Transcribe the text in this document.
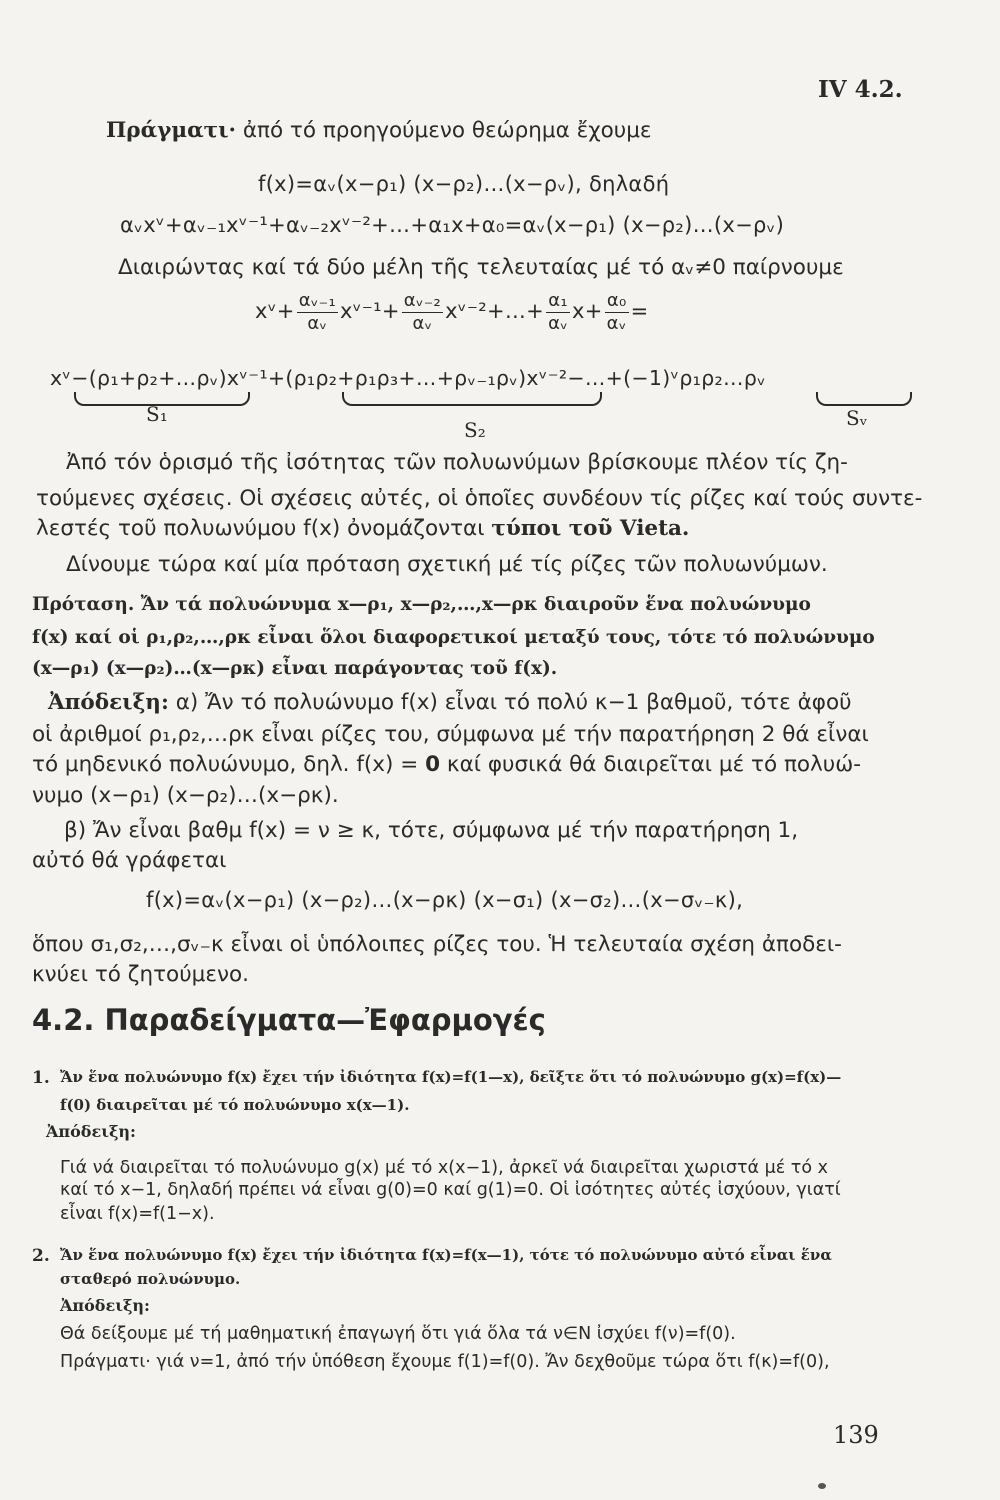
IV 4.2.
Πράγματι· ἀπό τό προηγούμενο θεώρημα ἔχουμε
f(x)=αᵥ(x−ρ₁) (x−ρ₂)…(x−ρᵥ), δηλαδή
αᵥxᵛ+αᵥ₋₁xᵛ⁻¹+αᵥ₋₂xᵛ⁻²+…+α₁x+α₀=αᵥ(x−ρ₁) (x−ρ₂)…(x−ρᵥ)
Διαιρώντας καί τά δύο μέλη τῆς τελευταίας μέ τό αᵥ≠0 παίρνουμε
xᵛ+ $\frac{\text{αᵥ₋₁}}{\text{αᵥ}}$ xᵛ⁻¹+ $\frac{\text{αᵥ₋₂}}{\text{αᵥ}}$ xᵛ⁻²+…+ $\frac{\text{α₁}}{\text{αᵥ}} x+ \frac{\text{α₀}}{\text{αᵥ}}$ =
xᵛ−(ρ₁+ρ₂+…ρᵥ)xᵛ⁻¹+(ρ₁ρ₂+ρ₁ρ₃+…+ρᵥ₋₁ρᵥ)xᵛ⁻²−…+(−1)ᵛρ₁ρ₂…ρᵥ
S₁
S₂	Sᵥ
Ἀπό τόν ὁρισμό τῆς ἰσότητας τῶν πολυωνύμων βρίσκουμε πλέον τίς ζη-
τούμενες σχέσεις. Οἱ σχέσεις αὐτές, οἱ ὁποῖες συνδέουν τίς ρίζες καί τούς συντε-
λεστές τοῦ πολυωνύμου f(x) ὀνομάζονται τύποι τοῦ Vieta.
Δίνουμε τώρα καί μία πρόταση σχετική μέ τίς ρίζες τῶν πολυωνύμων.
Πρόταση. Ἄν τά πολυώνυμα x—ρ₁, x—ρ₂,…,x—ρκ διαιροῦν ἕνα πολυώνυμο
f(x) καί οἱ ρ₁,ρ₂,…,ρκ εἶναι ὅλοι διαφορετικοί μεταξύ τους, τότε τό πολυώνυμο
(x—ρ₁) (x—ρ₂)…(x—ρκ) εἶναι παράγοντας τοῦ f(x).
Ἀπόδειξη: α) Ἄν τό πολυώνυμο f(x) εἶναι τό πολύ κ−1 βαθμοῦ, τότε ἀφοῦ
οἱ ἀριθμοί ρ₁,ρ₂,…ρκ εἶναι ρίζες του, σύμφωνα μέ τήν παρατήρηση 2 θά εἶναι
τό μηδενικό πολυώνυμο, δηλ. f(x) = 0 καί φυσικά θά διαιρεῖται μέ τό πολυώ-
νυμο (x−ρ₁) (x−ρ₂)…(x−ρκ).
β) Ἄν εἶναι βαθμ f(x) = ν ≥ κ, τότε, σύμφωνα μέ τήν παρατήρηση 1,
αὐτό θά γράφεται
f(x)=αᵥ(x−ρ₁) (x−ρ₂)…(x−ρκ) (x−σ₁) (x−σ₂)…(x−σᵥ₋κ),
ὅπου σ₁,σ₂,…,σᵥ₋κ εἶναι οἱ ὑπόλοιπες ρίζες του. Ἡ τελευταία σχέση ἀποδει-
κνύει τό ζητούμενο.
4.2. Παραδείγματα—Ἐφαρμογές
1. Ἄν ἕνα πολυώνυμο f(x) ἔχει τήν ἰδιότητα f(x)=f(1—x), δεῖξτε ὅτι τό πολυώνυμο g(x)=f(x)—
f(0) διαιρεῖται μέ τό πολυώνυμο x(x—1).
Ἀπόδειξη:
Γιά νά διαιρεῖται τό πολυώνυμο g(x) μέ τό x(x−1), ἀρκεῖ νά διαιρεῖται χωριστά μέ τό x
καί τό x−1, δηλαδή πρέπει νά εἶναι g(0)=0 καί g(1)=0. Οἱ ἰσότητες αὐτές ἰσχύουν, γιατί
εἶναι f(x)=f(1−x).
2. Ἄν ἕνα πολυώνυμο f(x) ἔχει τήν ἰδιότητα f(x)=f(x—1), τότε τό πολυώνυμο αὐτό εἶναι ἕνα
σταθερό πολυώνυμο.
Ἀπόδειξη:
Θά δείξουμε μέ τή μαθηματική ἐπαγωγή ὅτι γιά ὅλα τά ν∈N ἰσχύει f(ν)=f(0).
Πράγματι· γιά ν=1, ἀπό τήν ὑπόθεση ἔχουμε f(1)=f(0). Ἄν δεχθοῦμε τώρα ὅτι f(κ)=f(0),
139
